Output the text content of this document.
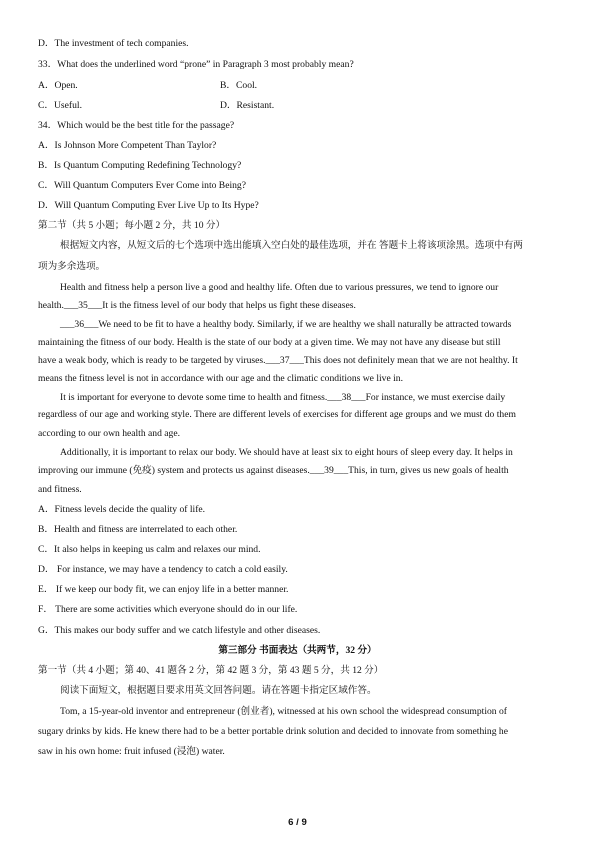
D．The investment of tech companies.
33．What does the underlined word “prone” in Paragraph 3 most probably mean?
A．Open.	B．Cool.
C．Useful.	D．Resistant.
34．Which would be the best title for the passage?
A．Is Johnson More Competent Than Taylor?
B．Is Quantum Computing Redefining Technology?
C．Will Quantum Computers Ever Come into Being?
D．Will Quantum Computing Ever Live Up to Its Hype?
第二节（共 5 小题；每小题 2 分，共 10 分）
根据短文内容，从短文后的七个选项中选出能填入空白处的最佳选项，并在 答题卡上将该项涂黑。选项中有两
项为多余选项。
Health and fitness help a person live a good and healthy life. Often due to various pressures, we tend to ignore our
health.___35___It is the fitness level of our body that helps us fight these diseases.
___36___We need to be fit to have a healthy body. Similarly, if we are healthy we shall naturally be attracted towards
maintaining the fitness of our body. Health is the state of our body at a given time. We may not have any disease but still
have a weak body, which is ready to be targeted by viruses.___37___This does not definitely mean that we are not healthy. It
means the fitness level is not in accordance with our age and the climatic conditions we live in.
It is important for everyone to devote some time to health and fitness.___38___For instance, we must exercise daily
regardless of our age and working style. There are different levels of exercises for different age groups and we must do them
according to our own health and age.
Additionally, it is important to relax our body. We should have at least six to eight hours of sleep every day. It helps in
improving our immune (免疫) system and protects us against diseases.___39___This, in turn, gives us new goals of health
and fitness.
A．Fitness levels decide the quality of life.
B．Health and fitness are interrelated to each other.
C．It also helps in keeping us calm and relaxes our mind.
D． For instance, we may have a tendency to catch a cold easily.
E． If we keep our body fit, we can enjoy life in a better manner.
F． There are some activities which everyone should do in our life.
G．This makes our body suffer and we catch lifestyle and other diseases.
第三部分 书面表达（共两节，32 分）
第一节（共 4 小题；第 40、41 题各 2 分，第 42 题 3 分，第 43 题 5 分，共 12 分）
阅读下面短文，根据题目要求用英文回答问题。请在答题卡指定区域作答。
Tom, a 15-year-old inventor and entrepreneur (创业者), witnessed at his own school the widespread consumption of
sugary drinks by kids. He knew there had to be a better portable drink solution and decided to innovate from something he
saw in his own home: fruit infused (浸泡) water.
6 / 9
